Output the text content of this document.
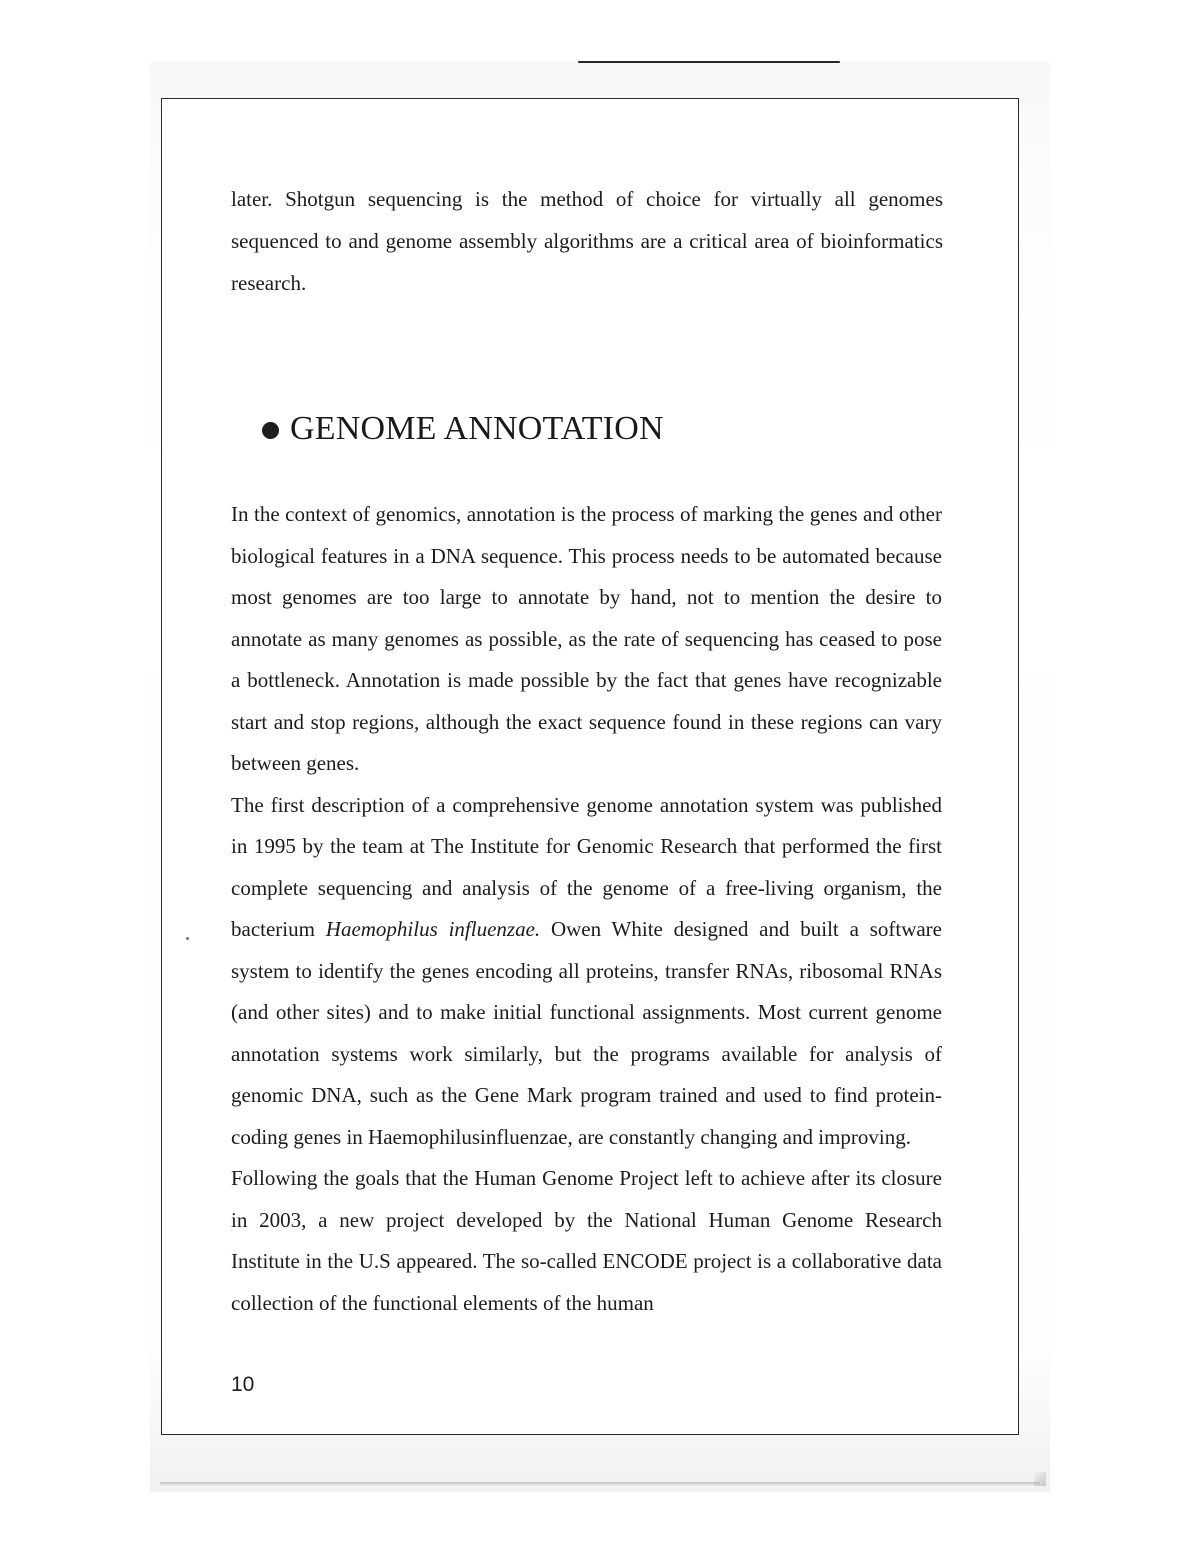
later. Shotgun sequencing is the method of choice for virtually all genomes sequenced to and genome assembly algorithms are a critical area of bioinformatics research.

GENOME ANNOTATION

In the context of genomics, annotation is the process of marking the genes and other biological features in a DNA sequence. This process needs to be automated because most genomes are too large to annotate by hand, not to mention the desire to annotate as many genomes as possible, as the rate of sequencing has ceased to pose a bottleneck. Annotation is made possible by the fact that genes have recognizable start and stop regions, although the exact sequence found in these regions can vary between genes.

The first description of a comprehensive genome annotation system was published in 1995 by the team at The Institute for Genomic Research that performed the first complete sequencing and analysis of the genome of a free-living organism, the bacterium Haemophilus influenzae. Owen White designed and built a software system to identify the genes encoding all proteins, transfer RNAs, ribosomal RNAs (and other sites) and to make initial functional assignments. Most current genome annotation systems work similarly, but the programs available for analysis of genomic DNA, such as the Gene Mark program trained and used to find protein-coding genes in Haemophilusinfluenzae, are constantly changing and improving.

Following the goals that the Human Genome Project left to achieve after its closure in 2003, a new project developed by the National Human Genome Research Institute in the U.S appeared. The so-called ENCODE project is a collaborative data collection of the functional elements of the human

10
